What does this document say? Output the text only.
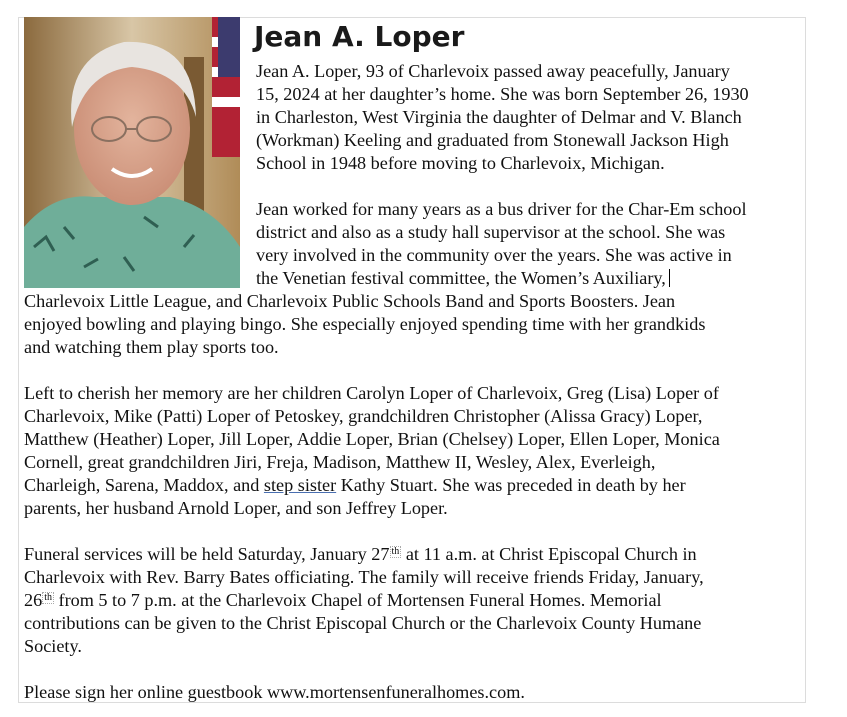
Jean A. Loper
Jean A. Loper, 93 of Charlevoix passed away peacefully, January
15, 2024 at her daughter’s home. She was born September 26, 1930
in Charleston, West Virginia the daughter of Delmar and V. Blanch
(Workman) Keeling and graduated from Stonewall Jackson High
School in 1948 before moving to Charlevoix, Michigan.
Jean worked for many years as a bus driver for the Char-Em school
district and also as a study hall supervisor at the school. She was
very involved in the community over the years. She was active in
the Venetian festival committee, the Women’s Auxiliary,
Charlevoix Little League, and Charlevoix Public Schools Band and Sports Boosters. Jean
enjoyed bowling and playing bingo. She especially enjoyed spending time with her grandkids
and watching them play sports too.
Left to cherish her memory are her children Carolyn Loper of Charlevoix, Greg (Lisa) Loper of
Charlevoix, Mike (Patti) Loper of Petoskey, grandchildren Christopher (Alissa Gracy) Loper,
Matthew (Heather) Loper, Jill Loper, Addie Loper, Brian (Chelsey) Loper, Ellen Loper, Monica
Cornell, great grandchildren Jiri, Freja, Madison, Matthew II, Wesley, Alex, Everleigh,
Charleigh, Sarena, Maddox, and step sister Kathy Stuart. She was preceded in death by her
parents, her husband Arnold Loper, and son Jeffrey Loper.
Funeral services will be held Saturday, January 27 th at 11 a.m. at Christ Episcopal Church in
Charlevoix with Rev. Barry Bates officiating. The family will receive friends Friday, January,
26 th from 5 to 7 p.m. at the Charlevoix Chapel of Mortensen Funeral Homes. Memorial
contributions can be given to the Christ Episcopal Church or the Charlevoix County Humane
Society.
Please sign her online guestbook www.mortensenfuneralhomes.com.
